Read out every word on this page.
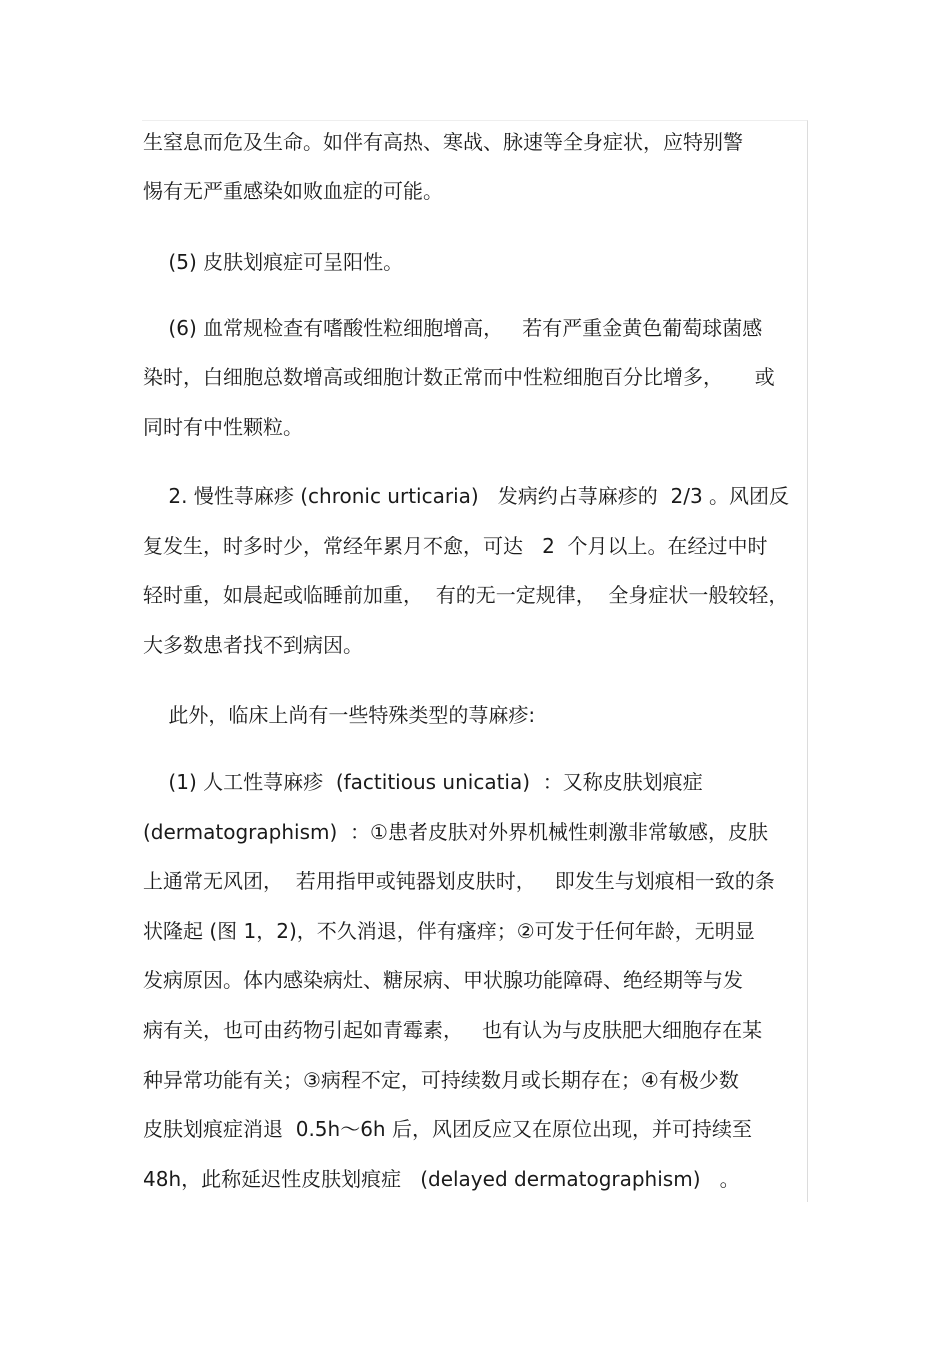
生窒息而危及生命。如伴有高热、寒战、脉速等全身症状，应特别警
惕有无严重感染如败血症的可能。
(5) 皮肤划痕症可呈阳性。
(6) 血常规检查有嗜酸性粒细胞增高，   若有严重金黄色葡萄球菌感
染时，白细胞总数增高或细胞计数正常而中性粒细胞百分比增多，     或
同时有中性颗粒。
2. 慢性荨麻疹 (chronic urticaria)   发病约占荨麻疹的  2/3 。风团反
复发生，时多时少，常经年累月不愈，可达   2  个月以上。在经过中时
轻时重，如晨起或临睡前加重，  有的无一定规律，  全身症状一般较轻，
大多数患者找不到病因。
此外，临床上尚有一些特殊类型的荨麻疹:
(1) 人工性荨麻疹  (factitious unicatia)  ：又称皮肤划痕症
(dermatographism)  ：①患者皮肤对外界机械性刺激非常敏感，皮肤
上通常无风团，  若用指甲或钝器划皮肤时，   即发生与划痕相一致的条
状隆起 (图 1，2)，不久消退，伴有瘙痒；②可发于任何年龄，无明显
发病原因。体内感染病灶、糖尿病、甲状腺功能障碍、绝经期等与发
病有关，也可由药物引起如青霉素，   也有认为与皮肤肥大细胞存在某
种异常功能有关；③病程不定，可持续数月或长期存在；④有极少数
皮肤划痕症消退  0.5h～6h 后，风团反应又在原位出现，并可持续至
48h，此称延迟性皮肤划痕症   (delayed dermatographism)   。
